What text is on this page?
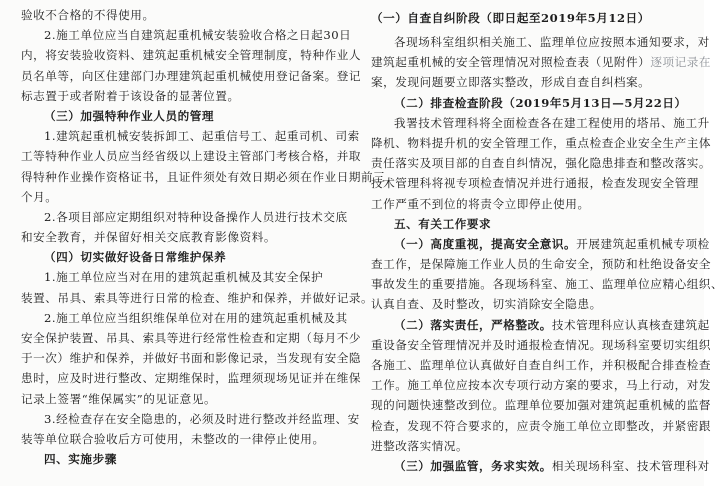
验收不合格的不得使用。
2.施工单位应当自建筑起重机械安装验收合格之日起30日
内，将安装验收资料、建筑起重机械安全管理制度，特种作业人
员名单等，向区住建部门办理建筑起重机械使用登记备案。登记
标志置于或者附着于该设备的显著位置。
（三）加强特种作业人员的管理
1.建筑起重机械安装拆卸工、起重信号工、起重司机、司索
工等特种作业人员应当经省级以上建设主管部门考核合格，并取
得特种作业操作资格证书，且证件须处有效日期必须在作业日期前三
个月。
2.各项目部应定期组织对特种设备操作人员进行技术交底
和安全教育，并保留好相关交底教育影像资料。
（四）切实做好设备日常维护保养
1.施工单位应当对在用的建筑起重机械及其安全保护
装置、吊具、索具等进行日常的检查、维护和保养，并做好记录。
2.施工单位应当组织维保单位对在用的建筑起重机械及其
安全保护装置、吊具、索具等进行经常性检查和定期（每月不少
于一次）维护和保养，并做好书面和影像记录，当发现有安全隐
患时，应及时进行整改、定期维保时，监理须现场见证并在维保
记录上签署“维保属实”的见证意见。
3.经检查存在安全隐患的，必须及时进行整改并经监理、安
装等单位联合验收后方可使用，未整改的一律停止使用。
四、实施步骤
（一）自查自纠阶段（即日起至2019年5月12日）
各现场科室组织相关施工、监理单位应按照本通知要求，对
建筑起重机械的安全管理情况对照检查表（见附件）逐项记录在
案，发现问题要立即落实整改，形成自查自纠档案。
（二）排查检查阶段（2019年5月13日—5月22日）
我署技术管理科将全面检查各在建工程使用的塔吊、施工升
降机、物料提升机的安全管理工作，重点检查企业安全生产主体
责任落实及项目部的自查自纠情况，强化隐患排查和整改落实。
技术管理科将视专项检查情况并进行通报，检查发现安全管理
工作严重不到位的将责令立即停止使用。
五、有关工作要求
（一）高度重视，提高安全意识。开展建筑起重机械专项检
查工作，是保障施工作业人员的生命安全，预防和杜绝设备安全
事故发生的重要措施。各现场科室、施工、监理单位应精心组织、
认真自查、及时整改，切实消除安全隐患。
（二）落实责任，严格整改。技术管理科应认真核查建筑起
重设备安全管理情况并及时通报检查情况。现场科室要切实组织
各施工、监理单位认真做好自查自纠工作，并积极配合排查检查
工作。施工单位应按本次专项行动方案的要求，马上行动，对发
现的问题快速整改到位。监理单位要加强对建筑起重机械的监督
检查，发现不符合要求的，应责令施工单位立即整改，并紧密跟
进整改落实情况。
（三）加强监管，务求实效。相关现场科室、技术管理科对
